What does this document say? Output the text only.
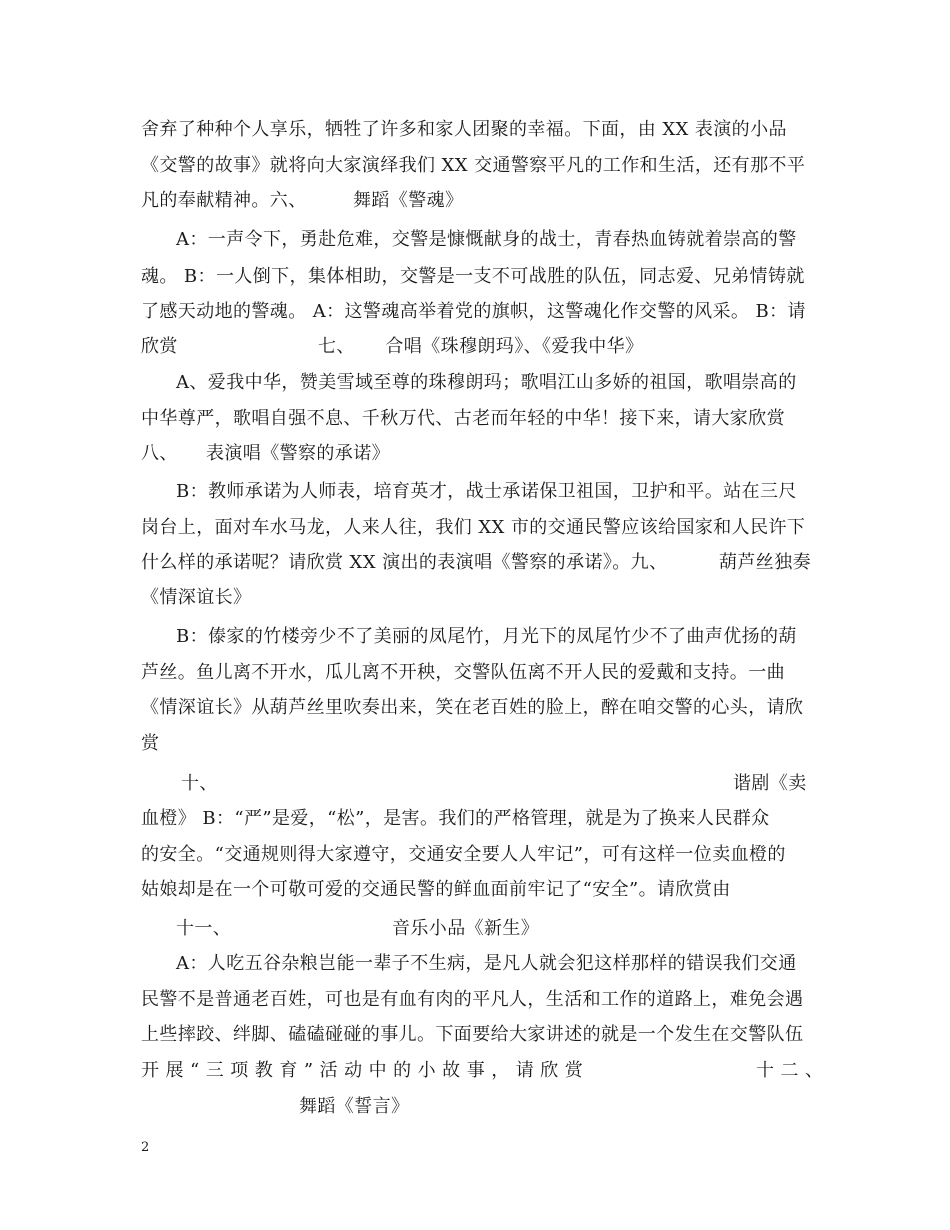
舍弃了种种个人享乐，牺牲了许多和家人团聚的幸福。下面，由 XX 表演的小品
《交警的故事》就将向大家演绎我们 XX 交通警察平凡的工作和生活，还有那不平
凡的奉献精神。六、	舞蹈《警魂》
A：一声令下，勇赴危难，交警是慷慨献身的战士，青春热血铸就着崇高的警
魂。 B：一人倒下，集体相助，交警是一支不可战胜的队伍，同志爱、兄弟情铸就
了感天动地的警魂。 A：这警魂高举着党的旗帜，这警魂化作交警的风采。 B：请
欣赏	七、     合唱《珠穆朗玛》、《爱我中华》
A、爱我中华，赞美雪域至尊的珠穆朗玛；歌唱江山多娇的祖国，歌唱崇高的
中华尊严，歌唱自强不息、千秋万代、古老而年轻的中华！接下来，请大家欣赏
八、 表演唱《警察的承诺》
B：教师承诺为人师表，培育英才，战士承诺保卫祖国，卫护和平。站在三尺
岗台上，面对车水马龙，人来人往，我们 XX 市的交通民警应该给国家和人民许下
什么样的承诺呢？请欣赏 XX 演出的表演唱《警察的承诺》。九、	葫芦丝独奏
《情深谊长》
B：傣家的竹楼旁少不了美丽的凤尾竹，月光下的凤尾竹少不了曲声优扬的葫
芦丝。鱼儿离不开水，瓜儿离不开秧，交警队伍离不开人民的爱戴和支持。一曲
《情深谊长》从葫芦丝里吹奏出来，笑在老百姓的脸上，醉在咱交警的心头，请欣
赏
十、	谐剧《卖
血橙》 B：“严”是爱，“松”，是害。我们的严格管理，就是为了换来人民群众
的安全。“交通规则得大家遵守，交通安全要人人牢记”，可有这样一位卖血橙的
姑娘却是在一个可敬可爱的交通民警的鲜血面前牢记了“安全”。请欣赏由
十一、	音乐小品《新生》
A：人吃五谷杂粮岂能一辈子不生病，是凡人就会犯这样那样的错误我们交通
民警不是普通老百姓，可也是有血有肉的平凡人，生活和工作的道路上，难免会遇
上些摔跤、绊脚、磕磕碰碰的事儿。下面要给大家讲述的就是一个发生在交警队伍
开 展 “ 三 项 教 育 ” 活 动 中 的 小 故 事 ， 请 欣 赏	十 二 、
舞蹈《誓言》
2
